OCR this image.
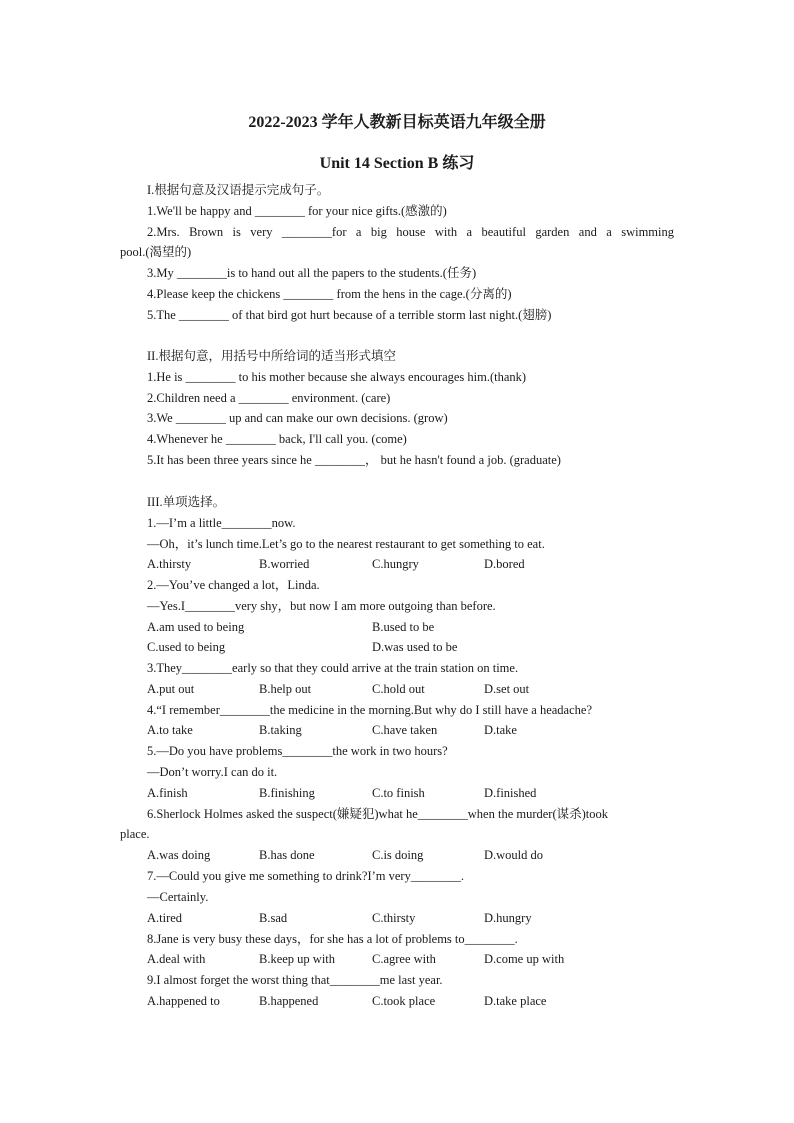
2022-2023 学年人教新目标英语九年级全册
Unit 14 Section B 练习
I.根据句意及汉语提示完成句子。
1.We'll be happy and ________ for your nice gifts.(感激的)
2.Mrs. Brown is very ________for a big house with a beautiful garden and a swimming
pool.(渴望的)
3.My ________is to hand out all the papers to the students.(任务)
4.Please keep the chickens ________ from the hens in the cage.(分离的)
5.The ________ of that bird got hurt because of a terrible storm last night.(翅膀)
II.根据句意，用括号中所给词的适当形式填空
1.He is ________ to his mother because she always encourages him.(thank)
2.Children need a ________ environment. (care)
3.We ________ up and can make our own decisions. (grow)
4.Whenever he ________ back, I'll call you. (come)
5.It has been three years since he ________， but he hasn't found a job. (graduate)
III.单项选择。
1.—I’m a little________now.
—Oh，it’s lunch time.Let’s go to the nearest restaurant to get something to eat.
A.thirsty	B.worried	C.hungry	D.bored
2.—You’ve changed a lot，Linda.
—Yes.I________very shy，but now I am more outgoing than before.
A.am used to being	B.used to be
C.used to being	D.was used to be
3.They________early so that they could arrive at the train station on time.
A.put out	B.help out	C.hold out	D.set out
4.“I remember________the medicine in the morning.But why do I still have a headache?
A.to take	B.taking	C.have taken	D.take
5.—Do you have problems________the work in two hours?
—Don’t worry.I can do it.
A.finish	B.finishing	C.to finish	D.finished
6.Sherlock Holmes asked the suspect(嫌疑犯)what he________when the murder(谋杀)took
place.
A.was doing	B.has done	C.is doing	D.would do
7.—Could you give me something to drink?I’m very________.
—Certainly.
A.tired	B.sad	C.thirsty	D.hungry
8.Jane is very busy these days，for she has a lot of problems to________.
A.deal with	B.keep up with	C.agree with	D.come up with
9.I almost forget the worst thing that________me last year.
A.happened to	B.happened	C.took place	D.take place
